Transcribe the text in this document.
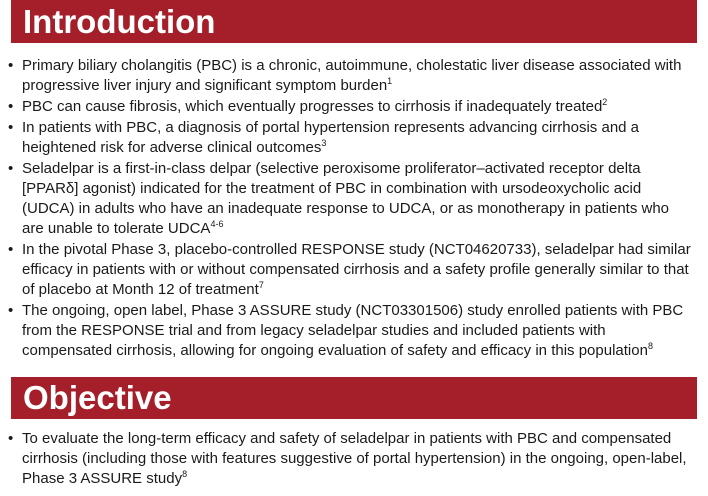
Introduction
• Primary biliary cholangitis (PBC) is a chronic, autoimmune, cholestatic liver disease associated with progressive liver injury and significant symptom burden$^1$
• PBC can cause fibrosis, which eventually progresses to cirrhosis if inadequately treated$^2$
• In patients with PBC, a diagnosis of portal hypertension represents advancing cirrhosis and a heightened risk for adverse clinical outcomes$^3$
• Seladelpar is a first-in-class delpar (selective peroxisome proliferator–activated receptor delta [PPARδ] agonist) indicated for the treatment of PBC in combination with ursodeoxycholic acid (UDCA) in adults who have an inadequate response to UDCA, or as monotherapy in patients who are unable to tolerate UDCA$^{4-6}$
• In the pivotal Phase 3, placebo-controlled RESPONSE study (NCT04620733), seladelpar had similar efficacy in patients with or without compensated cirrhosis and a safety profile generally similar to that of placebo at Month 12 of treatment$^7$
• The ongoing, open label, Phase 3 ASSURE study (NCT03301506) study enrolled patients with PBC from the RESPONSE trial and from legacy seladelpar studies and included patients with compensated cirrhosis, allowing for ongoing evaluation of safety and efficacy in this population$^8$
Objective
• To evaluate the long-term efficacy and safety of seladelpar in patients with PBC and compensated cirrhosis (including those with features suggestive of portal hypertension) in the ongoing, open-label, Phase 3 ASSURE study$^8$
